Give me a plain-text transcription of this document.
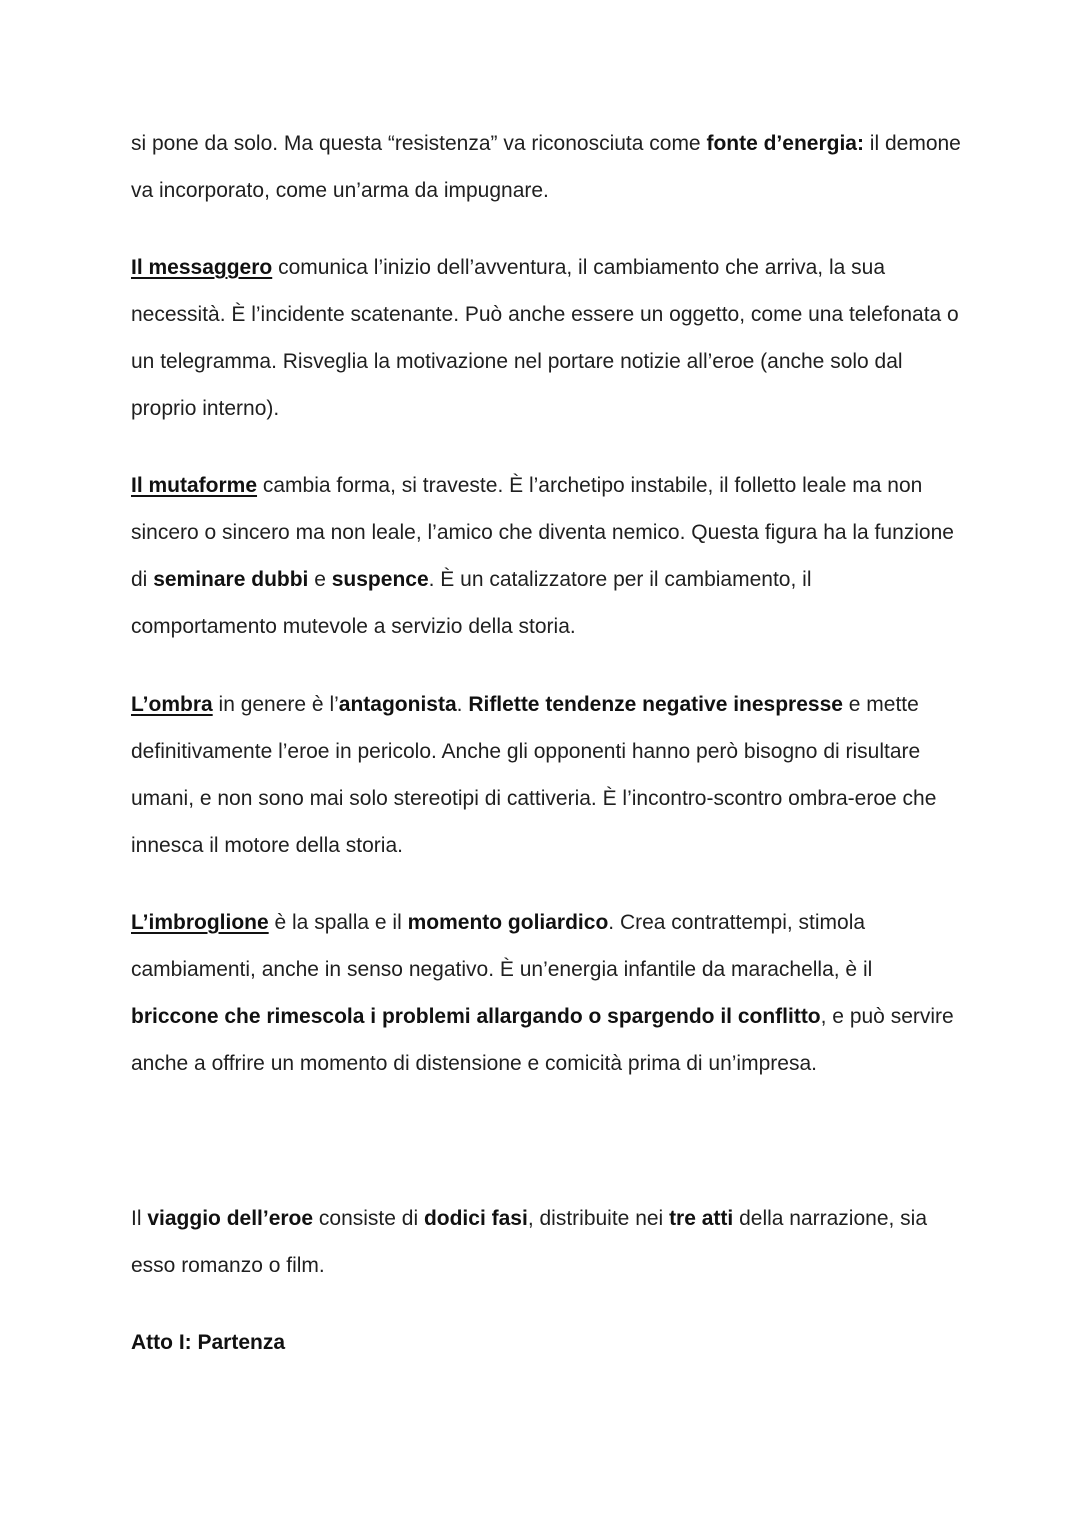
si pone da solo. Ma questa “resistenza” va riconosciuta come fonte d’energia: il demone va incorporato, come un’arma da impugnare.

Il messaggero comunica l’inizio dell’avventura, il cambiamento che arriva, la sua necessità. È l’incidente scatenante. Può anche essere un oggetto, come una telefonata o un telegramma. Risveglia la motivazione nel portare notizie all’eroe (anche solo dal proprio interno).

Il mutaforme cambia forma, si traveste. È l’archetipo instabile, il folletto leale ma non sincero o sincero ma non leale, l’amico che diventa nemico. Questa figura ha la funzione di seminare dubbi e suspence. È un catalizzatore per il cambiamento, il comportamento mutevole a servizio della storia.

L’ombra in genere è l’antagonista. Riflette tendenze negative inespresse e mette definitivamente l’eroe in pericolo. Anche gli opponenti hanno però bisogno di risultare umani, e non sono mai solo stereotipi di cattiveria. È l’incontro-scontro ombra-eroe che innesca il motore della storia.

L’imbroglione è la spalla e il momento goliardico. Crea contrattempi, stimola cambiamenti, anche in senso negativo. È un’energia infantile da marachella, è il briccone che rimescola i problemi allargando o spargendo il conflitto, e può servire anche a offrire un momento di distensione e comicità prima di un’impresa.

Il viaggio dell’eroe consiste di dodici fasi, distribuite nei tre atti della narrazione, sia esso romanzo o film.

Atto I: Partenza
